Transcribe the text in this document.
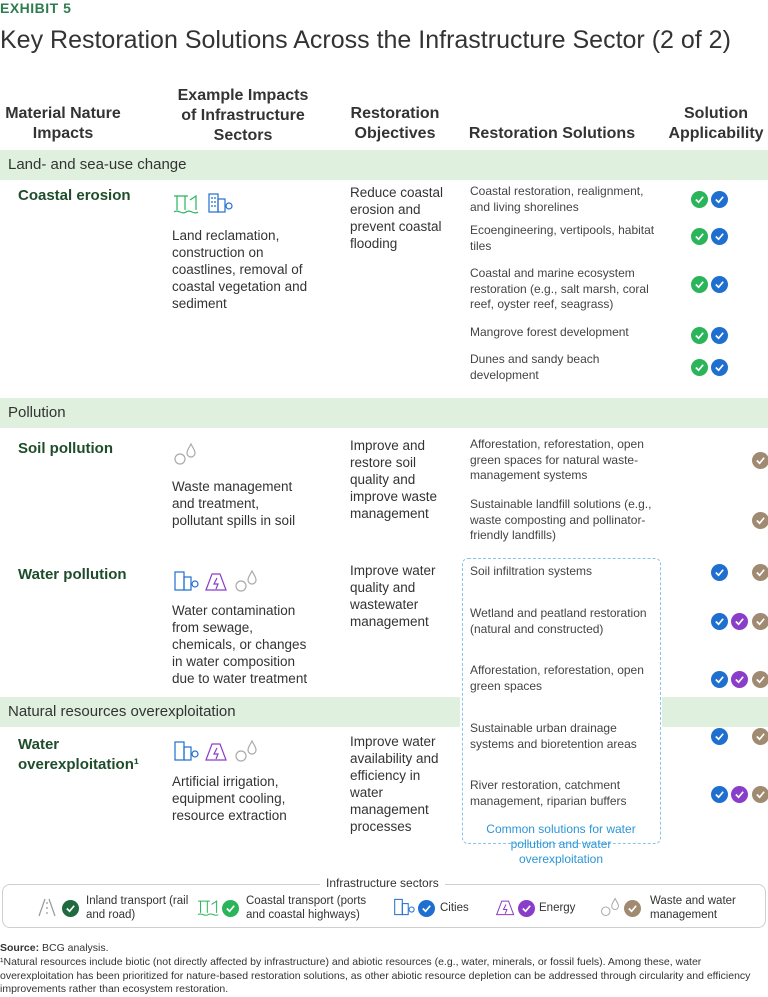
EXHIBIT 5
Key Restoration Solutions Across the Infrastructure Sector (2 of 2)
Material Nature Impacts
Example Impacts of Infrastructure Sectors
Restoration Objectives	Restoration Solutions
Solution Applicability
Land- and sea-use change
Coastal erosion
Land reclamation, construction on coastlines, removal of coastal vegetation and sediment
Reduce coastal erosion and prevent coastal flooding
Coastal restoration, realignment, and living shorelines
Ecoengineering, vertipools, habitat tiles
Coastal and marine ecosystem restoration (e.g., salt marsh, coral reef, oyster reef, seagrass)
Mangrove forest development
Dunes and sandy beach development
Pollution
Soil pollution
Waste management and treatment, pollutant spills in soil
Improve and restore soil quality and improve waste management
Afforestation, reforestation, open green spaces for natural waste-management systems
Sustainable landfill solutions (e.g., waste composting and pollinator-friendly landfills)
Common solutions for water pollution and water overexploitation
Water pollution
Water contamination from sewage, chemicals, or changes in water composition due to water treatment
Improve water quality and wastewater management
Soil infiltration systems
Wetland and peatland restoration (natural and constructed)
Afforestation, reforestation, open green spaces
Sustainable urban drainage systems and bioretention areas
River restoration, catchment management, riparian buffers
Natural resources overexploitation
Water overexploitation¹
Artificial irrigation, equipment cooling, resource extraction
Improve water availability and efficiency in water management processes
Infrastructure sectors
Inland transport (rail and road)
Coastal transport (ports and coastal highways)
Cities	Energy
Waste and water management
Source: BCG analysis.
¹Natural resources include biotic (not directly affected by infrastructure) and abiotic resources (e.g., water, minerals, or fossil fuels). Among these, water overexploitation has been prioritized for nature-based restoration solutions, as other abiotic resource depletion can be addressed through circularity and efficiency improvements rather than ecosystem restoration.
